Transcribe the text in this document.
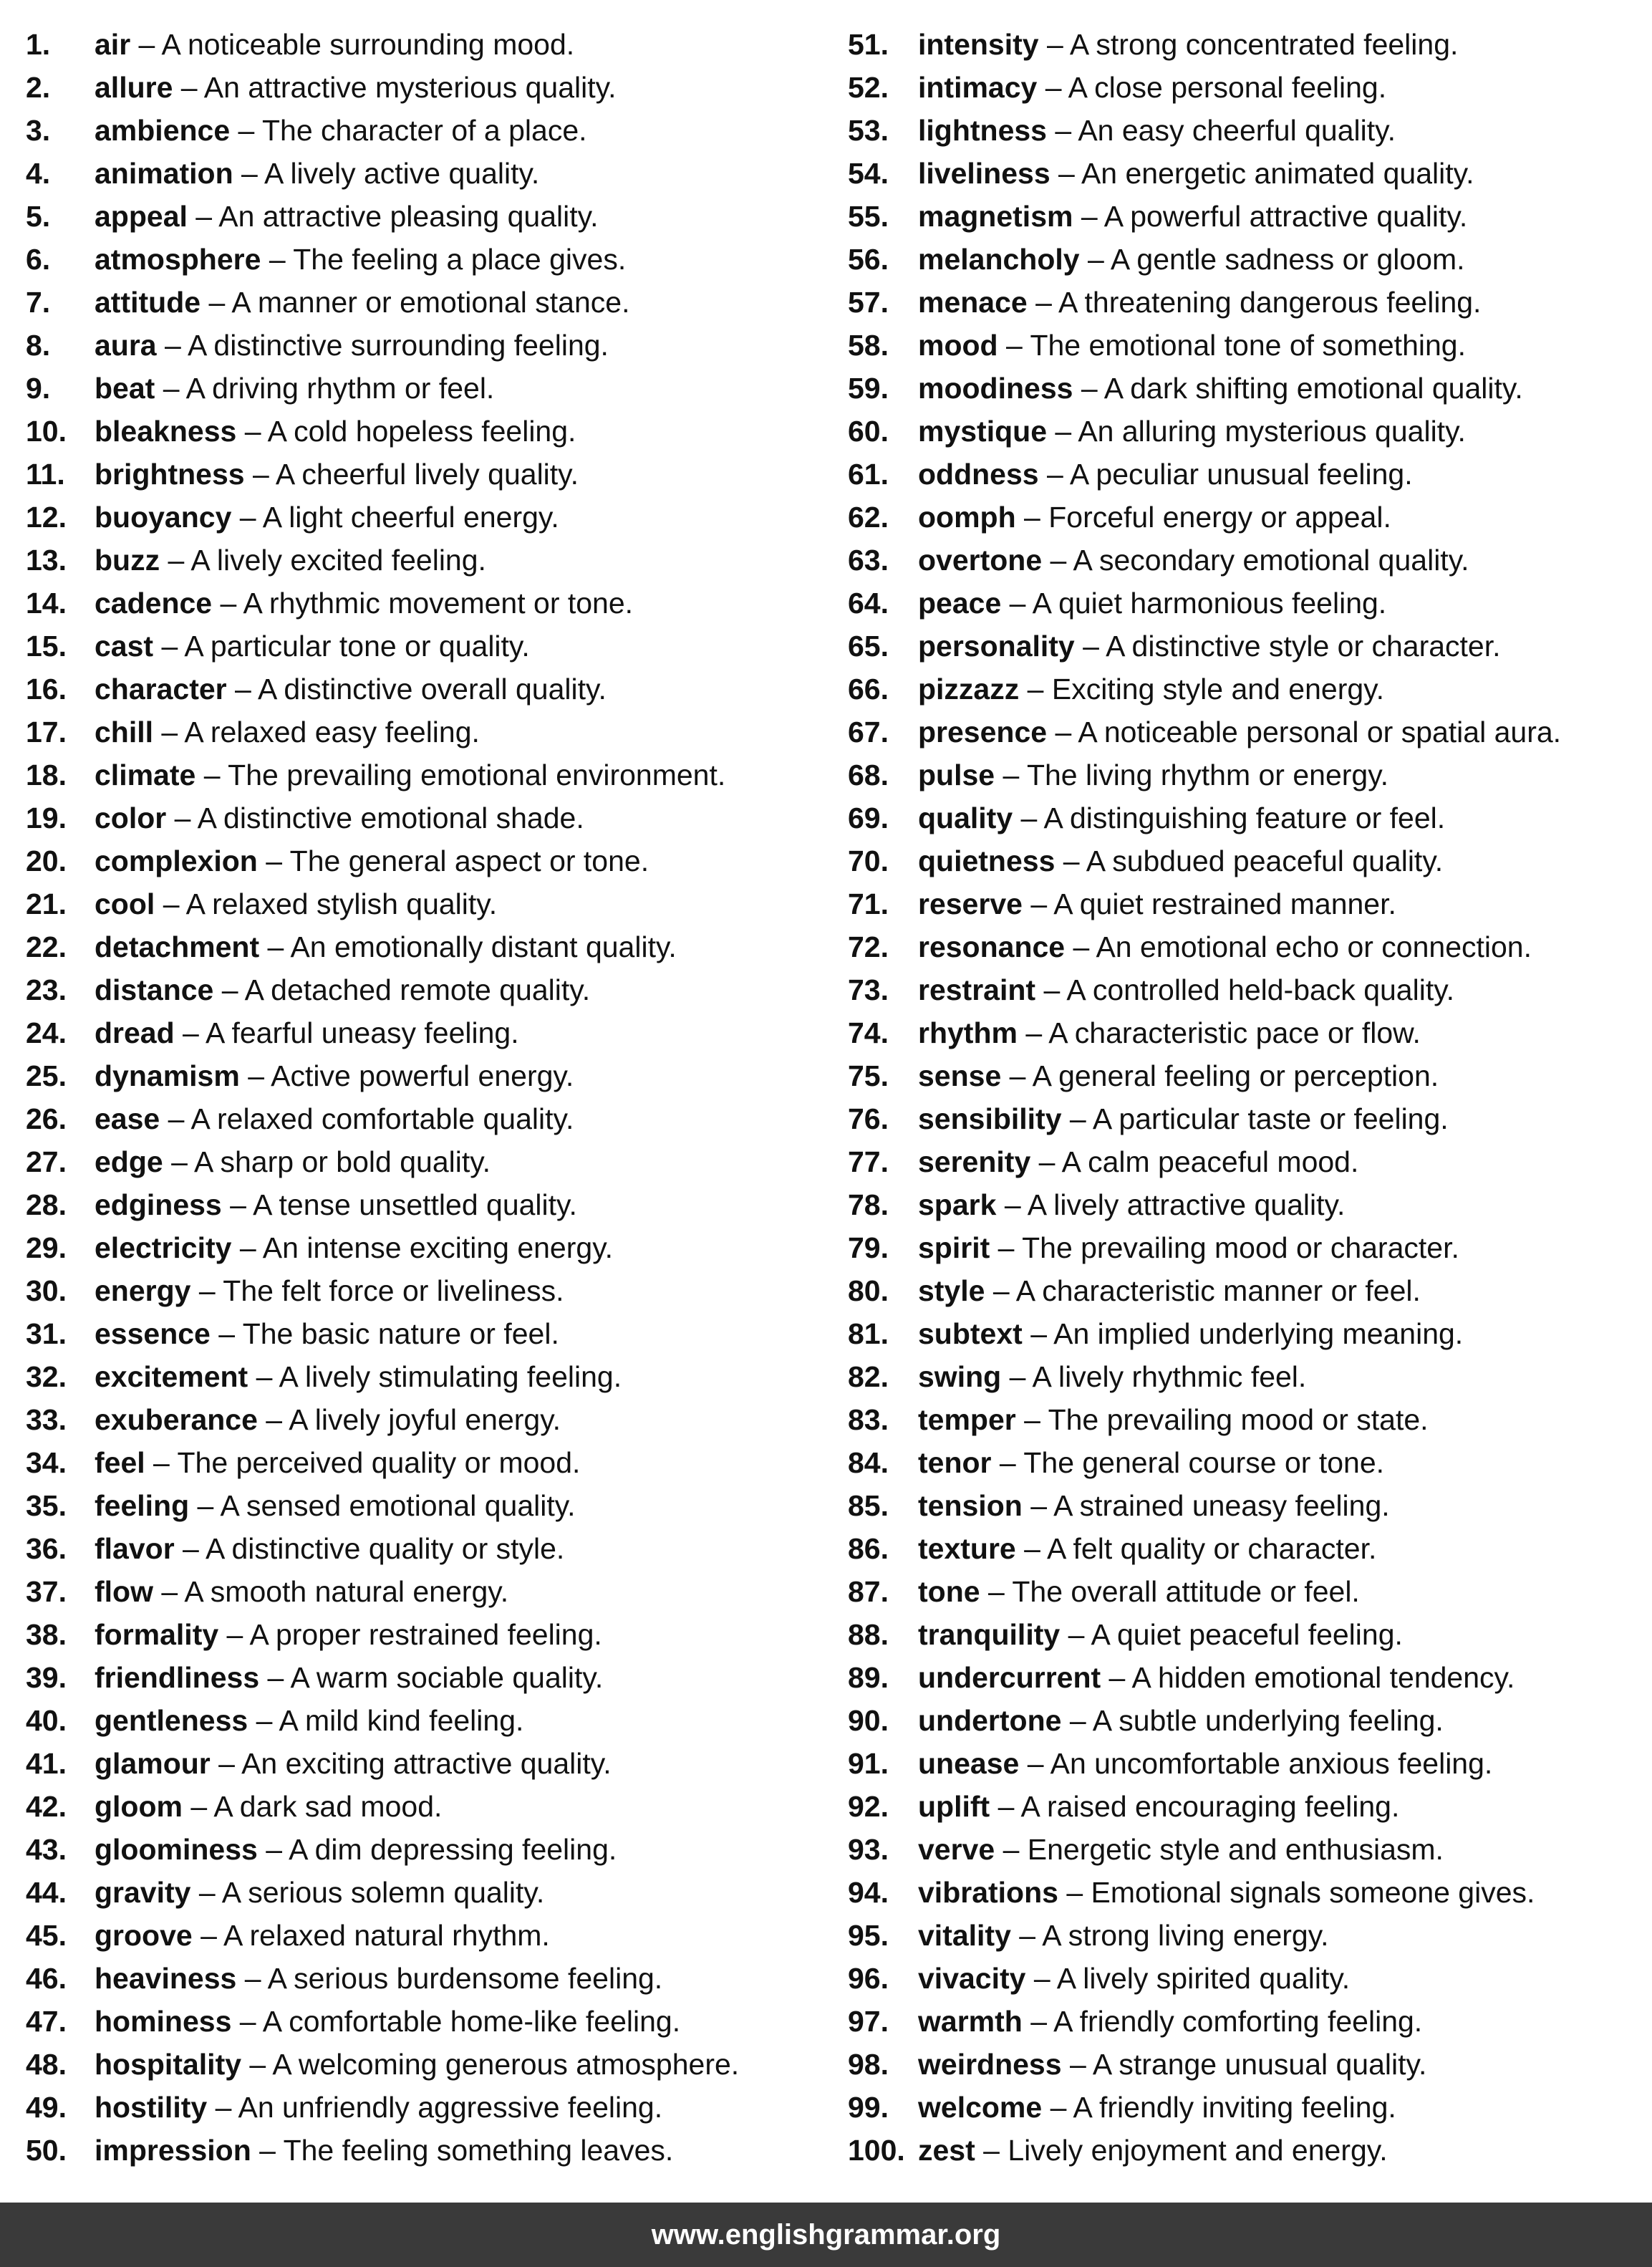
1. air – A noticeable surrounding mood.
2. allure – An attractive mysterious quality.
3. ambience – The character of a place.
4. animation – A lively active quality.
5. appeal – An attractive pleasing quality.
6. atmosphere – The feeling a place gives.
7. attitude – A manner or emotional stance.
8. aura – A distinctive surrounding feeling.
9. beat – A driving rhythm or feel.
10. bleakness – A cold hopeless feeling.
11. brightness – A cheerful lively quality.
12. buoyancy – A light cheerful energy.
13. buzz – A lively excited feeling.
14. cadence – A rhythmic movement or tone.
15. cast – A particular tone or quality.
16. character – A distinctive overall quality.
17. chill – A relaxed easy feeling.
18. climate – The prevailing emotional environment.
19. color – A distinctive emotional shade.
20. complexion – The general aspect or tone.
21. cool – A relaxed stylish quality.
22. detachment – An emotionally distant quality.
23. distance – A detached remote quality.
24. dread – A fearful uneasy feeling.
25. dynamism – Active powerful energy.
26. ease – A relaxed comfortable quality.
27. edge – A sharp or bold quality.
28. edginess – A tense unsettled quality.
29. electricity – An intense exciting energy.
30. energy – The felt force or liveliness.
31. essence – The basic nature or feel.
32. excitement – A lively stimulating feeling.
33. exuberance – A lively joyful energy.
34. feel – The perceived quality or mood.
35. feeling – A sensed emotional quality.
36. flavor – A distinctive quality or style.
37. flow – A smooth natural energy.
38. formality – A proper restrained feeling.
39. friendliness – A warm sociable quality.
40. gentleness – A mild kind feeling.
41. glamour – An exciting attractive quality.
42. gloom – A dark sad mood.
43. gloominess – A dim depressing feeling.
44. gravity – A serious solemn quality.
45. groove – A relaxed natural rhythm.
46. heaviness – A serious burdensome feeling.
47. hominess – A comfortable home-like feeling.
48. hospitality – A welcoming generous atmosphere.
49. hostility – An unfriendly aggressive feeling.
50. impression – The feeling something leaves.
51. intensity – A strong concentrated feeling.
52. intimacy – A close personal feeling.
53. lightness – An easy cheerful quality.
54. liveliness – An energetic animated quality.
55. magnetism – A powerful attractive quality.
56. melancholy – A gentle sadness or gloom.
57. menace – A threatening dangerous feeling.
58. mood – The emotional tone of something.
59. moodiness – A dark shifting emotional quality.
60. mystique – An alluring mysterious quality.
61. oddness – A peculiar unusual feeling.
62. oomph – Forceful energy or appeal.
63. overtone – A secondary emotional quality.
64. peace – A quiet harmonious feeling.
65. personality – A distinctive style or character.
66. pizzazz – Exciting style and energy.
67. presence – A noticeable personal or spatial aura.
68. pulse – The living rhythm or energy.
69. quality – A distinguishing feature or feel.
70. quietness – A subdued peaceful quality.
71. reserve – A quiet restrained manner.
72. resonance – An emotional echo or connection.
73. restraint – A controlled held-back quality.
74. rhythm – A characteristic pace or flow.
75. sense – A general feeling or perception.
76. sensibility – A particular taste or feeling.
77. serenity – A calm peaceful mood.
78. spark – A lively attractive quality.
79. spirit – The prevailing mood or character.
80. style – A characteristic manner or feel.
81. subtext – An implied underlying meaning.
82. swing – A lively rhythmic feel.
83. temper – The prevailing mood or state.
84. tenor – The general course or tone.
85. tension – A strained uneasy feeling.
86. texture – A felt quality or character.
87. tone – The overall attitude or feel.
88. tranquility – A quiet peaceful feeling.
89. undercurrent – A hidden emotional tendency.
90. undertone – A subtle underlying feeling.
91. unease – An uncomfortable anxious feeling.
92. uplift – A raised encouraging feeling.
93. verve – Energetic style and enthusiasm.
94. vibrations – Emotional signals someone gives.
95. vitality – A strong living energy.
96. vivacity – A lively spirited quality.
97. warmth – A friendly comforting feeling.
98. weirdness – A strange unusual quality.
99. welcome – A friendly inviting feeling.
100. zest – Lively enjoyment and energy.
www.englishgrammar.org
